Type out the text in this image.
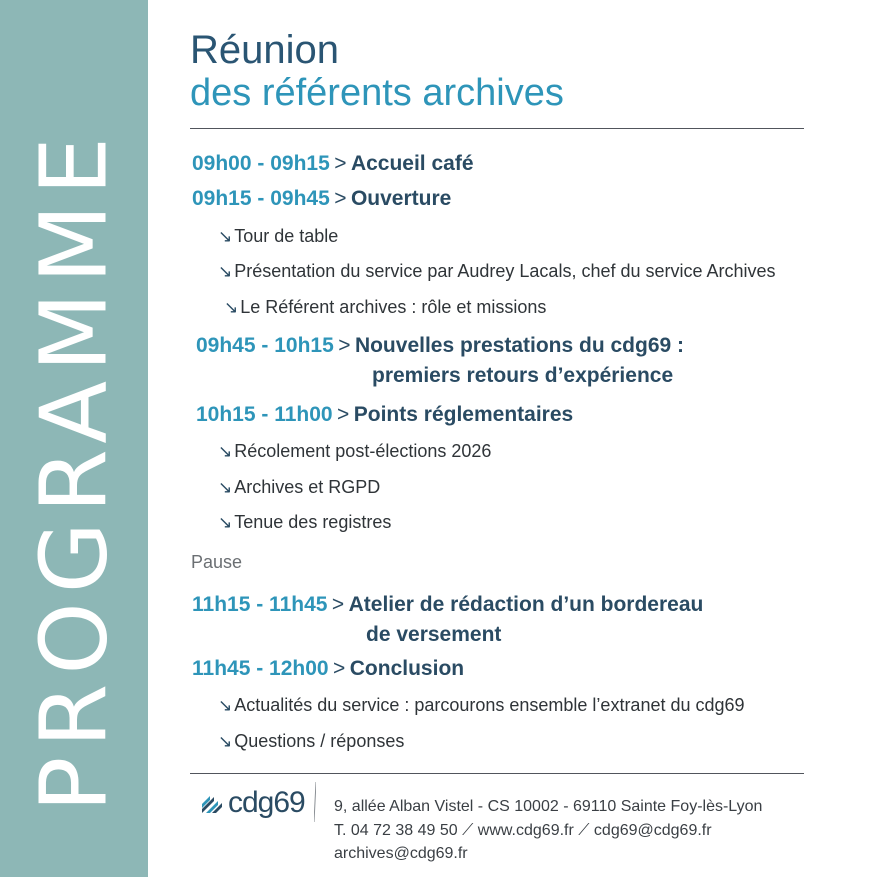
PROGRAMME
Réunion
des référents archives
09h00 - 09h15 > Accueil café
09h15 - 09h45 > Ouverture
↘ Tour de table
↘ Présentation du service par Audrey Lacals, chef du service Archives
↘ Le Référent archives : rôle et missions
09h45 - 10h15 > Nouvelles prestations du cdg69 :
premiers retours d’expérience
10h15 - 11h00 > Points réglementaires
↘ Récolement post-élections 2026
↘ Archives et RGPD
↘ Tenue des registres
Pause
11h15 - 11h45 > Atelier de rédaction d’un bordereau
de versement
11h45 - 12h00 > Conclusion
↘ Actualités du service : parcourons ensemble l’extranet du cdg69
↘ Questions / réponses
cdg69 9, allée Alban Vistel - CS 10002 - 69110 Sainte Foy-lès-Lyon
T. 04 72 38 49 50 ⟋ www.cdg69.fr ⟋ cdg69@cdg69.fr
archives@cdg69.fr
